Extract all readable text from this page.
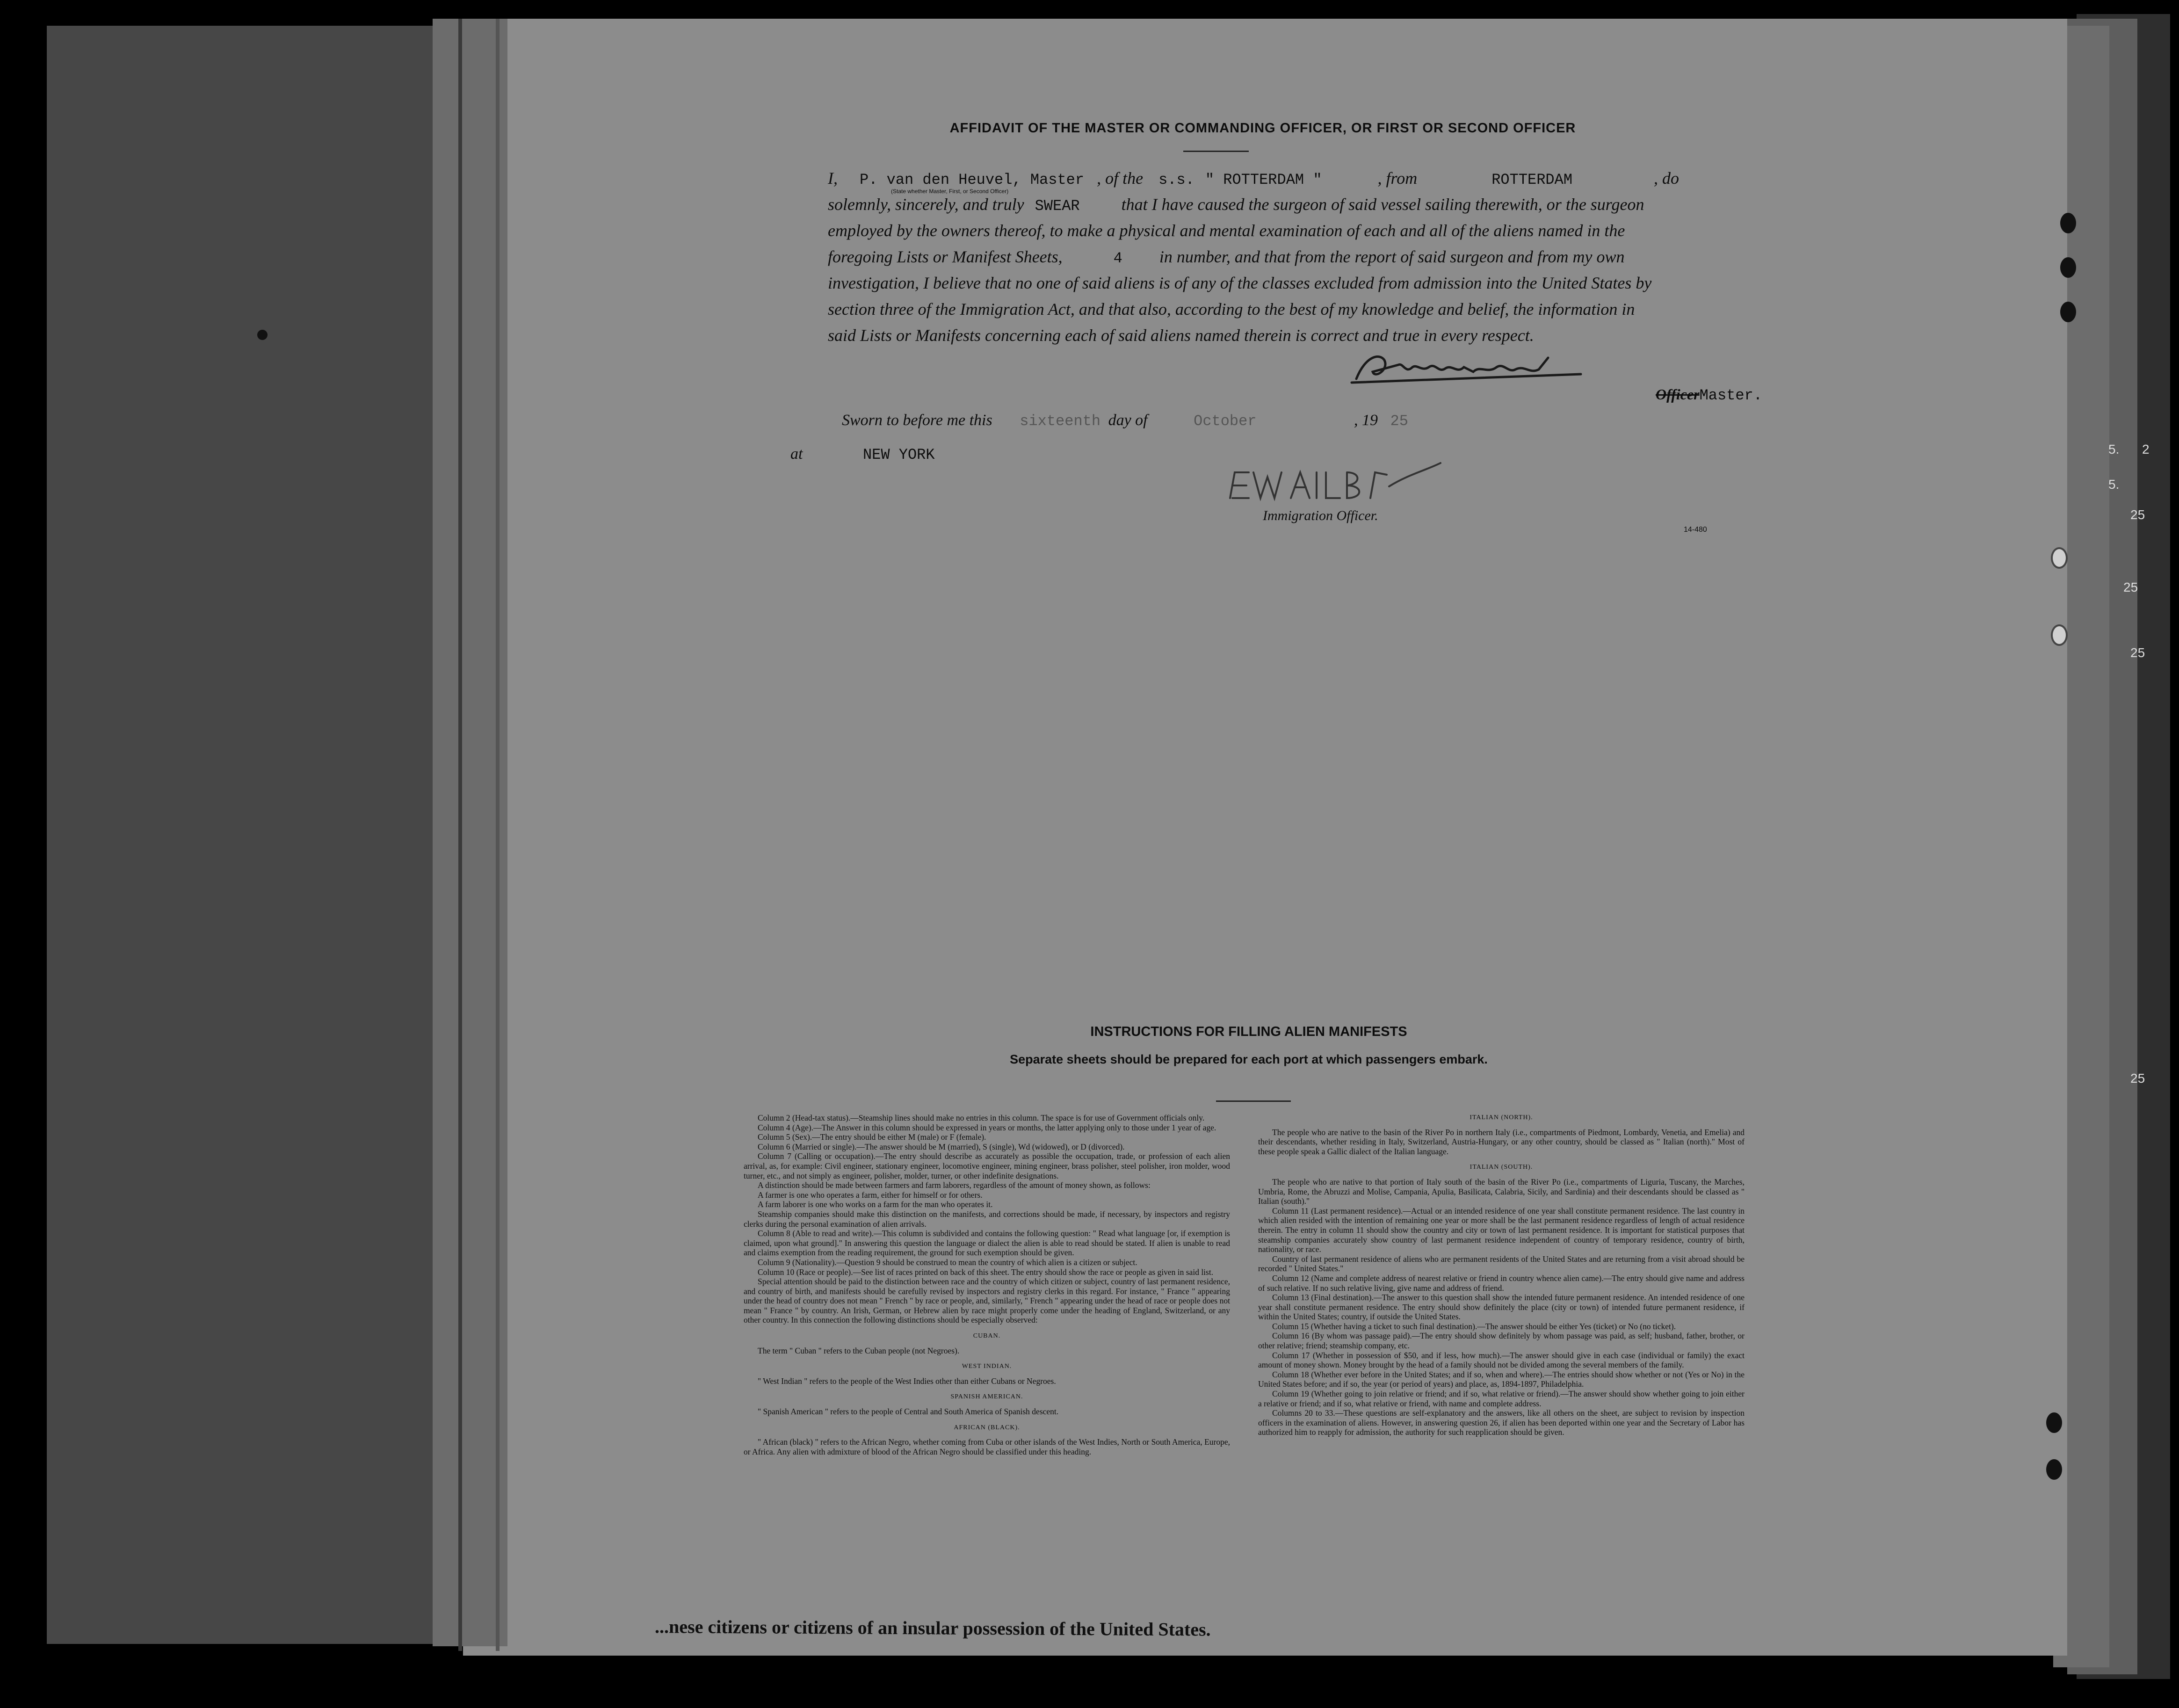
5. 2
5.
25
25
25
25
AFFIDAVIT OF THE MASTER OR COMMANDING OFFICER, OR FIRST OR SECOND OFFICER
I, P. van den Heuvel, Master , of the s.s. " ROTTERDAM "	, from	ROTTERDAM	, do
(State whether Master, First, or Second Officer)
solemnly, sincerely, and truly SWEAR that I have caused the surgeon of said vessel sailing therewith, or the surgeon
employed by the owners thereof, to make a physical and mental examination of each and all of the aliens named in the
foregoing Lists or Manifest Sheets,	4 in number, and that from the report of said surgeon and from my own
investigation, I believe that no one of said aliens is of any of the classes excluded from admission into the United States by
section three of the Immigration Act, and that also, according to the best of my knowledge and belief, the information in
said Lists or Manifests concerning each of said aliens named therein is correct and true in every respect.
OfficerMaster.
Sworn to before me this sixteenth day of	October	, 19 25
at	NEW YORK
Immigration Officer.
14-480
INSTRUCTIONS FOR FILLING ALIEN MANIFESTS
Separate sheets should be prepared for each port at which passengers embark.

Column 2 (Head-tax status).—Steamship lines should make no entries in this column. The space is for use of Government officials only.

Column 4 (Age).—The Answer in this column should be expressed in years or months, the latter applying only to those under 1 year of age.

Column 5 (Sex).—The entry should be either M (male) or F (female).

Column 6 (Married or single).—The answer should be M (married), S (single), Wd (widowed), or D (divorced).

Column 7 (Calling or occupation).—The entry should describe as accurately as possible the occupation, trade, or profession of each alien arrival, as, for example: Civil engineer, stationary engineer, locomotive engineer, mining engineer, brass polisher, steel polisher, iron molder, wood turner, etc., and not simply as engineer, polisher, molder, turner, or other indefinite designations.

A distinction should be made between farmers and farm laborers, regardless of the amount of money shown, as follows:

A farmer is one who operates a farm, either for himself or for others.

A farm laborer is one who works on a farm for the man who operates it.

Steamship companies should make this distinction on the manifests, and corrections should be made, if necessary, by inspectors and registry clerks during the personal examination of alien arrivals.

Column 8 (Able to read and write).—This column is subdivided and contains the following question: " Read what language [or, if exemption is claimed, upon what ground]." In answering this question the language or dialect the alien is able to read should be stated. If alien is unable to read and claims exemption from the reading requirement, the ground for such exemption should be given.

Column 9 (Nationality).—Question 9 should be construed to mean the country of which alien is a citizen or subject.

Column 10 (Race or people).—See list of races printed on back of this sheet. The entry should show the race or people as given in said list.

Special attention should be paid to the distinction between race and the country of which citizen or subject, country of last permanent residence, and country of birth, and manifests should be carefully revised by inspectors and registry clerks in this regard. For instance, " France " appearing under the head of country does not mean " French " by race or people, and, similarly, " French " appearing under the head of race or people does not mean " France " by country. An Irish, German, or Hebrew alien by race might properly come under the heading of England, Switzerland, or any other country. In this connection the following distinctions should be especially observed:

CUBAN.

The term " Cuban " refers to the Cuban people (not Negroes).

WEST INDIAN.

" West Indian " refers to the people of the West Indies other than either Cubans or Negroes.

SPANISH AMERICAN.

" Spanish American " refers to the people of Central and South America of Spanish descent.

AFRICAN (BLACK).

" African (black) " refers to the African Negro, whether coming from Cuba or other islands of the West Indies, North or South America, Europe, or Africa. Any alien with admixture of blood of the African Negro should be classified under this heading.

ITALIAN (NORTH).

The people who are native to the basin of the River Po in northern Italy (i.e., compartments of Piedmont, Lombardy, Venetia, and Emelia) and their descendants, whether residing in Italy, Switzerland, Austria-Hungary, or any other country, should be classed as " Italian (north)." Most of these people speak a Gallic dialect of the Italian language.

ITALIAN (SOUTH).

The people who are native to that portion of Italy south of the basin of the River Po (i.e., compartments of Liguria, Tuscany, the Marches, Umbria, Rome, the Abruzzi and Molise, Campania, Apulia, Basilicata, Calabria, Sicily, and Sardinia) and their descendants should be classed as " Italian (south)."

Column 11 (Last permanent residence).—Actual or an intended residence of one year shall constitute permanent residence. The last country in which alien resided with the intention of remaining one year or more shall be the last permanent residence regardless of length of actual residence therein. The entry in column 11 should show the country and city or town of last permanent residence. It is important for statistical purposes that steamship companies accurately show country of last permanent residence independent of country of temporary residence, country of birth, nationality, or race.

Country of last permanent residence of aliens who are permanent residents of the United States and are returning from a visit abroad should be recorded " United States."

Column 12 (Name and complete address of nearest relative or friend in country whence alien came).—The entry should give name and address of such relative. If no such relative living, give name and address of friend.

Column 13 (Final destination).—The answer to this question shall show the intended future permanent residence. An intended residence of one year shall constitute permanent residence. The entry should show definitely the place (city or town) of intended future permanent residence, if within the United States; country, if outside the United States.

Column 15 (Whether having a ticket to such final destination).—The answer should be either Yes (ticket) or No (no ticket).

Column 16 (By whom was passage paid).—The entry should show definitely by whom passage was paid, as self; husband, father, brother, or other relative; friend; steamship company, etc.

Column 17 (Whether in possession of $50, and if less, how much).—The answer should give in each case (individual or family) the exact amount of money shown. Money brought by the head of a family should not be divided among the several members of the family.

Column 18 (Whether ever before in the United States; and if so, when and where).—The entries should show whether or not (Yes or No) in the United States before; and if so, the year (or period of years) and place, as, 1894-1897, Philadelphia.

Column 19 (Whether going to join relative or friend; and if so, what relative or friend).—The answer should show whether going to join either a relative or friend; and if so, what relative or friend, with name and complete address.

Columns 20 to 33.—These questions are self-explanatory and the answers, like all others on the sheet, are subject to revision by inspection officers in the examination of aliens. However, in answering question 26, if alien has been deported within one year and the Secretary of Labor has authorized him to reapply for admission, the authority for such reapplication should be given.

...nese citizens or citizens of an insular possession of the United States.
